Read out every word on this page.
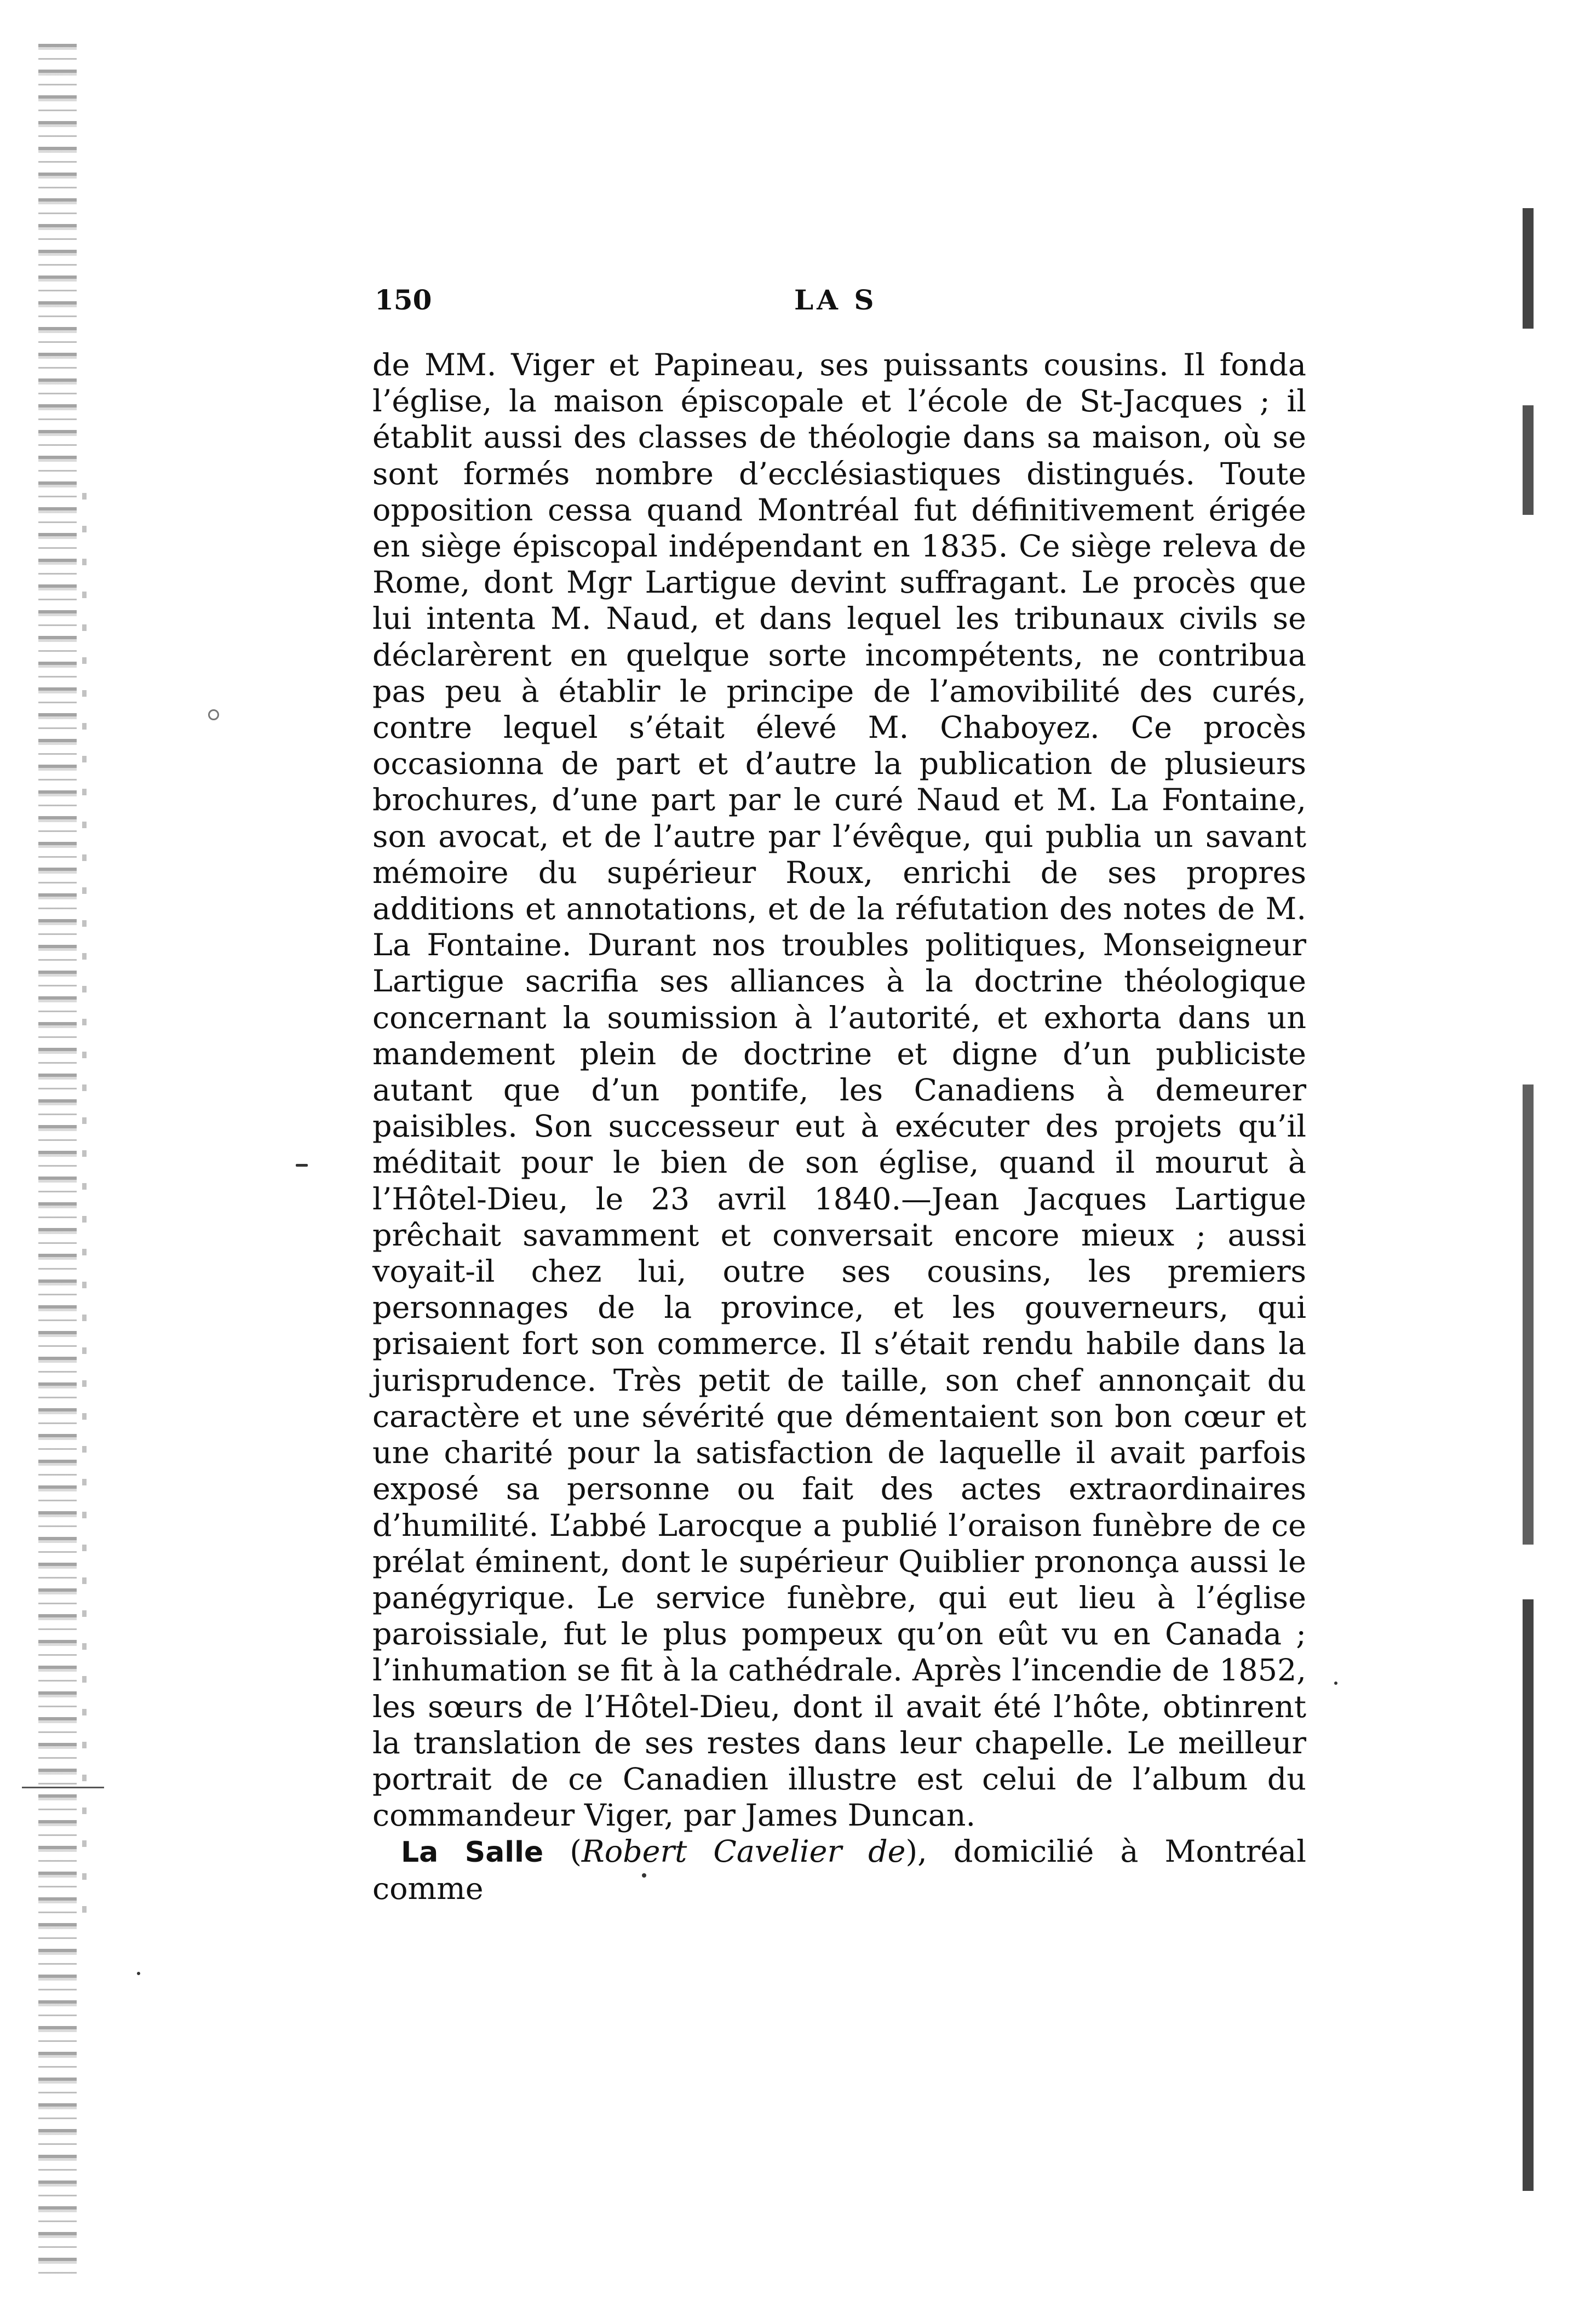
150	LA S

de MM. Viger et Papineau, ses puissants cousins. Il fonda l’église, la maison épiscopale et l’école de St-Jacques ; il établit aussi des classes de théologie dans sa maison, où se sont formés nombre d’ecclésiastiques distingués. Toute opposition cessa quand Montréal fut définitivement érigée en siège épiscopal indépendant en 1835. Ce siège releva de Rome, dont Mgr Lartigue devint suffragant. Le procès que lui intenta M. Naud, et dans lequel les tribunaux civils se déclarèrent en quelque sorte incompétents, ne contribua pas peu à établir le principe de l’amovibilité des curés, contre lequel s’était élevé M. Chaboyez. Ce procès occasionna de part et d’autre la publication de plusieurs brochures, d’une part par le curé Naud et M. La Fontaine, son avocat, et de l’autre par l’évêque, qui publia un savant mémoire du supérieur Roux, enrichi de ses propres additions et annotations, et de la réfutation des notes de M. La Fontaine. Durant nos troubles politiques, Monseigneur Lartigue sacrifia ses alliances à la doctrine théologique concernant la soumission à l’autorité, et exhorta dans un mandement plein de doctrine et digne d’un publiciste autant que d’un pontife, les Canadiens à demeurer paisibles. Son successeur eut à exécuter des projets qu’il méditait pour le bien de son église, quand il mourut à l’Hôtel-Dieu, le 23 avril 1840.—Jean Jacques Lartigue prêchait savamment et conversait encore mieux ; aussi voyait-il chez lui, outre ses cousins, les premiers personnages de la province, et les gouverneurs, qui prisaient fort son commerce. Il s’était rendu habile dans la jurisprudence. Très petit de taille, son chef annonçait du caractère et une sévérité que démentaient son bon cœur et une charité pour la satisfaction de laquelle il avait parfois exposé sa personne ou fait des actes extraordinaires d’humilité. L’abbé Larocque a publié l’oraison funèbre de ce prélat éminent, dont le supérieur Quiblier prononça aussi le panégyrique. Le service funèbre, qui eut lieu à l’église paroissiale, fut le plus pompeux qu’on eût vu en Canada ; l’inhumation se fit à la cathédrale. Après l’incendie de 1852, les sœurs de l’Hôtel-Dieu, dont il avait été l’hôte, obtinrent la translation de ses restes dans leur chapelle. Le meilleur portrait de ce Canadien illustre est celui de l’album du commandeur Viger, par James Duncan.

La Salle (Robert Cavelier de), domicilié à Montréal comme
